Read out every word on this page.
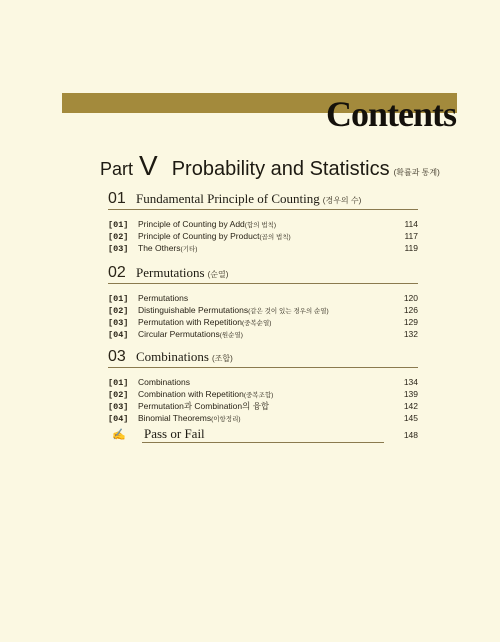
Contents
Part V Probability and Statistics (확률과 통계)
01 Fundamental Principle of Counting (경우의 수)
[01]	Principle of Counting by Add(합의 법칙)	114
[02]	Principle of Counting by Product(곱의 법칙)	117
[03]	The Others(기타)	119
02 Permutations (순열)
[01]	Permutations	120
[02]	Distinguishable Permutations(같은 것이 있는 경우의 순열)	126
[03]	Permutation with Repetition(중복순열)	129
[04]	Circular Permutations(원순열)	132
03 Combinations (조합)
[01]	Combinations	134
[02]	Combination with Repetition(중복조합)	139
[03]	Permutation과 Combination의 융합	142
[04]	Binomial Theorems(이항정리)	145
✍	Pass or Fail	148
